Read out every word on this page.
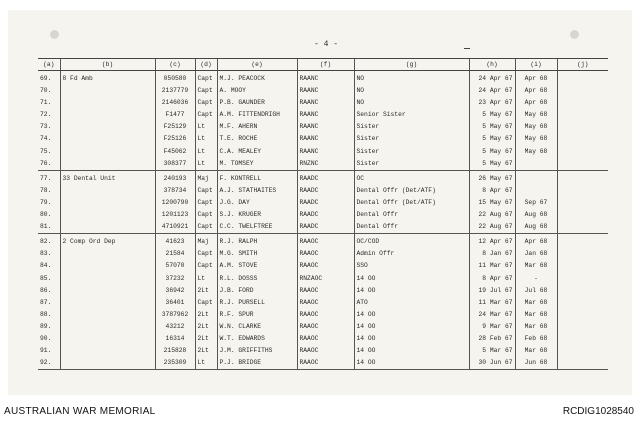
- 4 -
(a)	(b)	(c)	(d)	(e)	(f)	(g)	(h)	(i)	(j)
69.	8 Fd Amb	050580	Capt	M.J. PEACOCK	RAANC	NO	24 Apr 67	Apr 68	
70.		2137779	Capt	A. MOOY	RAANC	NO	24 Apr 67	Apr 68	
71.		2146036	Capt	P.B. GAUNDER	RAANC	NO	23 Apr 67	Apr 68	
72.		F1477	Capt	A.M. FITTENDRIGH	RAANC	Senior Sister	5 May 67	May 68	
73.		F25129	Lt	M.F. AHERN	RAANC	Sister	5 May 67	May 68	
74.		F25126	Lt	T.E. ROCHE	RAANC	Sister	5 May 67	May 68	
75.		F45062	Lt	C.A. MEALEY	RAANC	Sister	5 May 67	May 68	
76.		308377	Lt	M. TOMSEY	RNZNC	Sister	5 May 67		
77.	33 Dental Unit	240193	Maj	F. KONTRELL	RAADC	OC	26 May 67		
78.		378734	Capt	A.J. STATHAITES	RAADC	Dental Offr (Det/ATF)	8 Apr 67		
79.		1200790	Capt	J.G. DAY	RAADC	Dental Offr (Det/ATF)	15 May 67	Sep 67	
80.		1201123	Capt	S.J. KRUGER	RAADC	Dental Offr	22 Aug 67	Aug 68	
81.		4710921	Capt	C.C. TWELFTREE	RAADC	Dental Offr	22 Aug 67	Aug 68	
82.	2 Comp Ord Dep	41623	Maj	R.J. RALPH	RAAOC	OC/COD	12 Apr 67	Apr 68	
83.		21584	Capt	M.G. SMITH	RAAOC	Admin Offr	8 Jan 67	Jan 68	
84.		57070	Capt	A.M. STOVE	RAAOC	SSO	11 Mar 67	Mar 68	
85.		37232	Lt	R.L. DOSSS	RNZAOC	14 OO	8 Apr 67	-	
86.		36942	2Lt	J.B. FORD	RAAOC	14 OO	19 Jul 67	Jul 68	
87.		36401	Capt	R.J. PURSELL	RAAOC	ATO	11 Mar 67	Mar 68	
88.		3787962	2Lt	R.F. SPUR	RAAOC	14 OO	24 Mar 67	Mar 68	
89.		43212	2Lt	W.N. CLARKE	RAAOC	14 OO	9 Mar 67	Mar 68	
90.		16314	2Lt	W.T. EDWARDS	RAAOC	14 OO	28 Feb 67	Feb 68	
91.		215828	2Lt	J.M. GRIFFITHS	RAAOC	14 OO	5 Mar 67	Mar 68	
92.		235309	Lt	P.J. BRIDGE	RAAOC	14 OO	30 Jun 67	Jun 68	
AUSTRALIAN WAR MEMORIAL	RCDIG1028540
